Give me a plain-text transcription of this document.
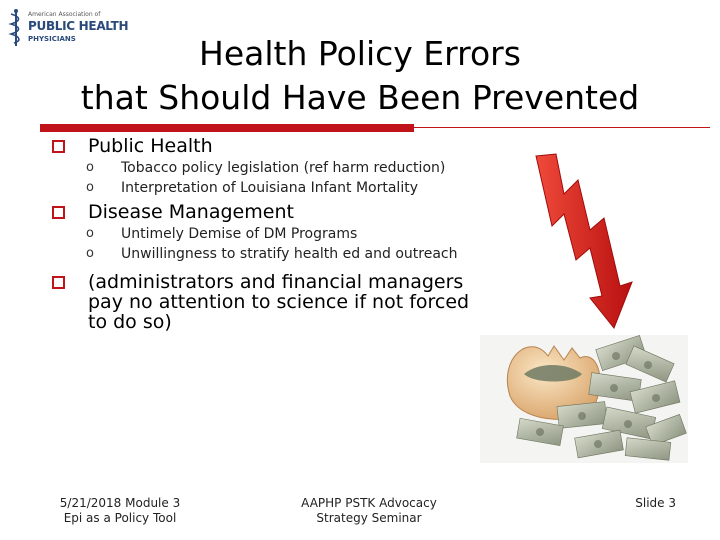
American Association of
PUBLIC HEALTH
PHYSICIANS	Health Policy Errors
that Should Have Been Prevented
Public Health
o Tobacco policy legislation (ref harm reduction)
o Interpretation of Louisiana Infant Mortality
Disease Management
o Untimely Demise of DM Programs
o Unwillingness to stratify health ed and outreach
(administrators and financial managers pay no attention to science if not forced to do so)
5/21/2018 Module 3
Epi as a Policy Tool
AAPHP PSTK Advocacy
Strategy Seminar
Slide 3
